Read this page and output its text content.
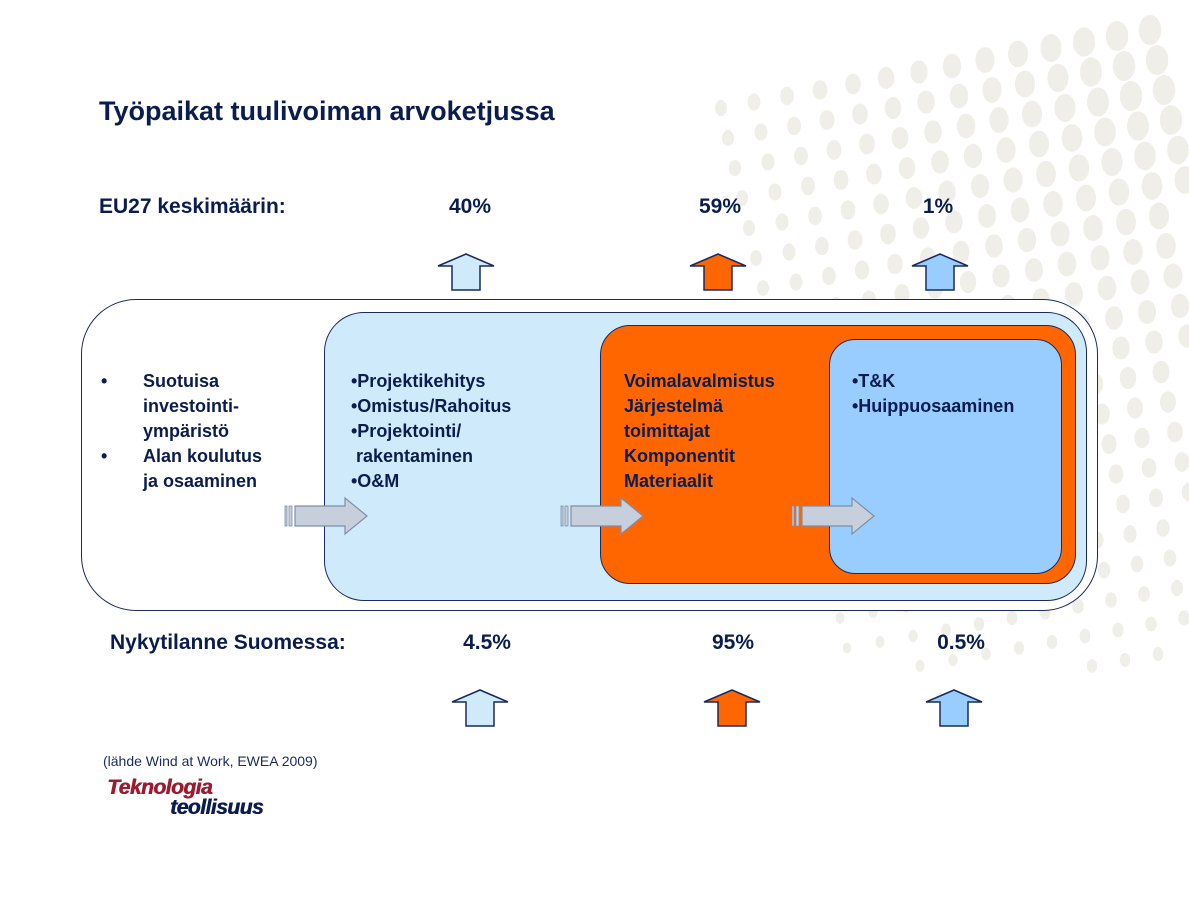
Työpaikat tuulivoiman arvoketjussa
EU27 keskimäärin:	40%	59%	1%
• Suotuisa
investointi-
ympäristö
• Alan koulutus
ja osaaminen
•Projektikehitys
•Omistus/Rahoitus
•Projektointi/
rakentaminen
•O&M
Voimalavalmistus
Järjestelmä
toimittajat
Komponentit
Materiaalit
•T&K
•Huippuosaaminen
Nykytilanne Suomessa:	4.5%	95%	0.5%
(lähde Wind at Work, EWEA 2009)
Teknologia
teollisuus
